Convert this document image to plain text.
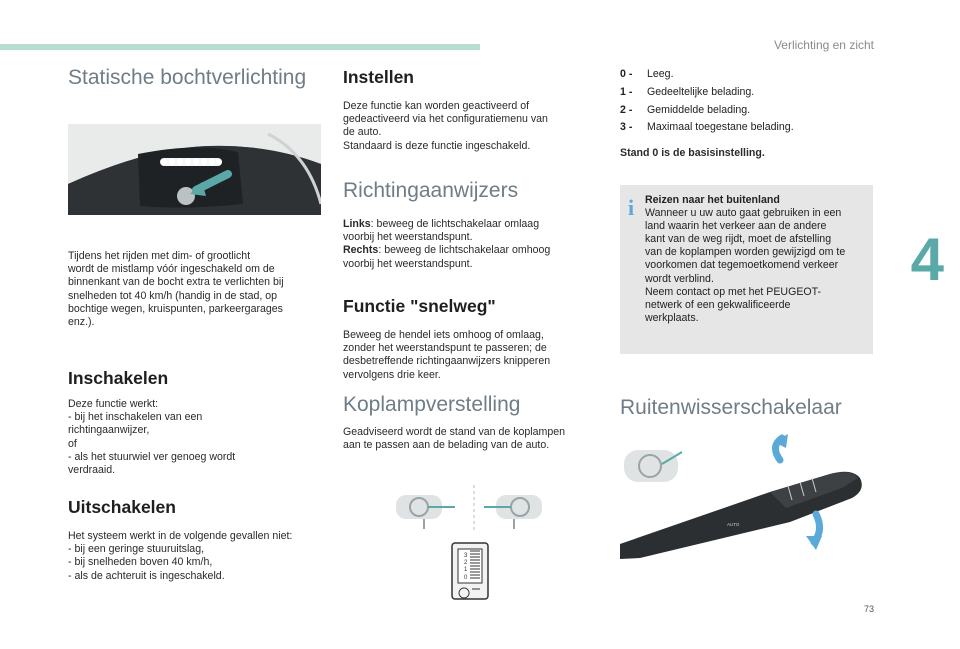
Verlichting en zicht
4
73
Statische bochtverlichting
Tijdens het rijden met dim- of grootlicht
wordt de mistlamp vóór ingeschakeld om de
binnenkant van de bocht extra te verlichten bij
snelheden tot 40 km/h (handig in de stad, op
bochtige wegen, kruispunten, parkeergarages
enz.).
Inschakelen
Deze functie werkt:
- bij het inschakelen van een
richtingaanwijzer,
of
- als het stuurwiel ver genoeg wordt
verdraaid.
Uitschakelen
Het systeem werkt in de volgende gevallen niet:
- bij een geringe stuuruitslag,
- bij snelheden boven 40 km/h,
- als de achteruit is ingeschakeld.
Instellen
Deze functie kan worden geactiveerd of
gedeactiveerd via het configuratiemenu van
de auto.
Standaard is deze functie ingeschakeld.
Richtingaanwijzers
Links: beweeg de lichtschakelaar omlaag
voorbij het weerstandspunt.
Rechts: beweeg de lichtschakelaar omhoog
voorbij het weerstandspunt.
Functie "snelweg"
Beweeg de hendel iets omhoog of omlaag,
zonder het weerstandspunt te passeren; de
desbetreffende richtingaanwijzers knipperen
vervolgens drie keer.
Koplampverstelling
Geadviseerd wordt de stand van de koplampen
aan te passen aan de belading van de auto.
3
2
1
0
0 -	Leeg.
1 -	Gedeeltelijke belading.
2 -	Gemiddelde belading.
3 -	Maximaal toegestane belading.
Stand 0 is de basisinstelling.
i Reizen naar het buitenland
Wanneer u uw auto gaat gebruiken in een
land waarin het verkeer aan de andere
kant van de weg rijdt, moet de afstelling
van de koplampen worden gewijzigd om te
voorkomen dat tegemoetkomend verkeer
wordt verblind.
Neem contact op met het PEUGEOT-
netwerk of een gekwalificeerde
werkplaats.
Ruitenwisserschakelaar
AUTO
